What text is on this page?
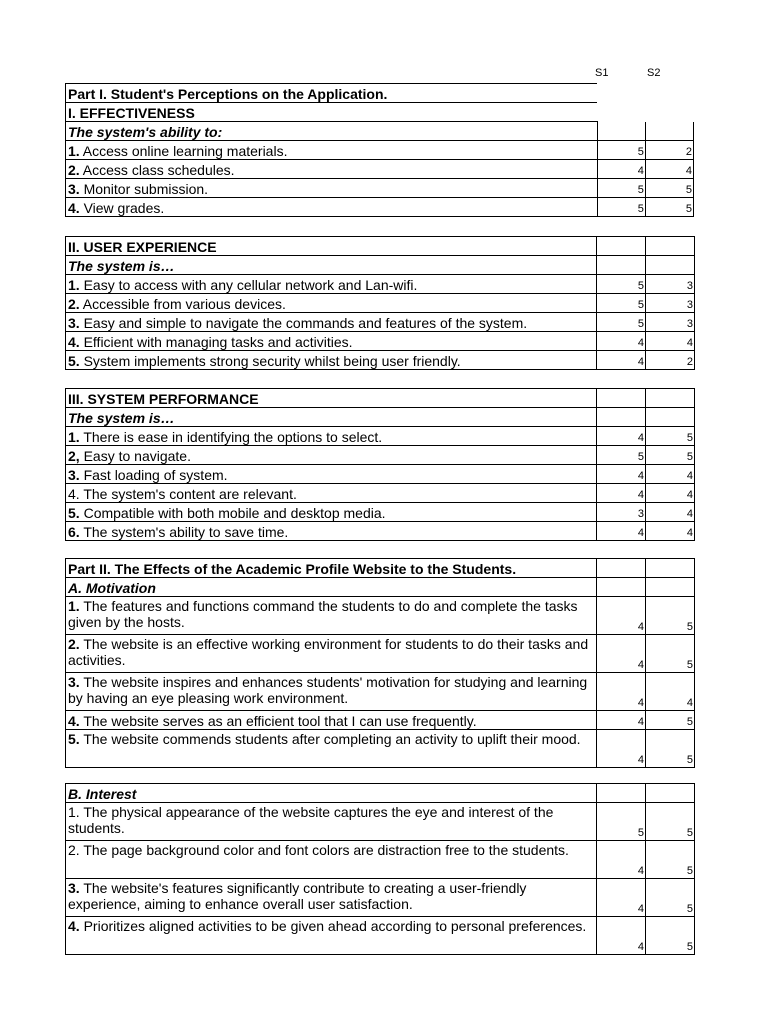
S1	S2
Part I. Student's Perceptions on the Application.		
I. EFFECTIVENESS		
The system's ability to:		
1. Access online learning materials.	5	2
2. Access class schedules.	4	4
3. Monitor submission.	5	5
4. View grades.	5	5
II. USER EXPERIENCE		
The system is…		
1. Easy to access with any cellular network and Lan-wifi.	5	3
2. Accessible from various devices.	5	3
3. Easy and simple to navigate the commands and features of the system.	5	3
4. Efficient with managing tasks and activities.	4	4
5. System implements strong security whilst being user friendly.	4	2
III. SYSTEM PERFORMANCE		
The system is…		
1. There is ease in identifying the options to select.	4	5
2, Easy to navigate.	5	5
3. Fast loading of system.	4	4
4. The system's content are relevant.	4	4
5. Compatible with both mobile and desktop media.	3	4
6. The system's ability to save time.	4	4
Part II. The Effects of the Academic Profile Website to the Students.		
A. Motivation		
1. The features and functions command the students to do and complete the tasks given by the hosts.	4	5
2. The website is an effective working environment for students to do their tasks and activities.	4	5
3. The website inspires and enhances students' motivation for studying and learning by having an eye pleasing work environment.	4	4
4. The website serves as an efficient tool that I can use frequently.	4	5
5. The website commends students after completing an activity to uplift their mood.	4	5
B. Interest		
1. The physical appearance of the website captures the eye and interest of the students.	5	5
2. The page background color and font colors are distraction free to the students.	4	5
3. The website's features significantly contribute to creating a user-friendly experience, aiming to enhance overall user satisfaction.	4	5
4. Prioritizes aligned activities to be given ahead according to personal preferences.	4	5
